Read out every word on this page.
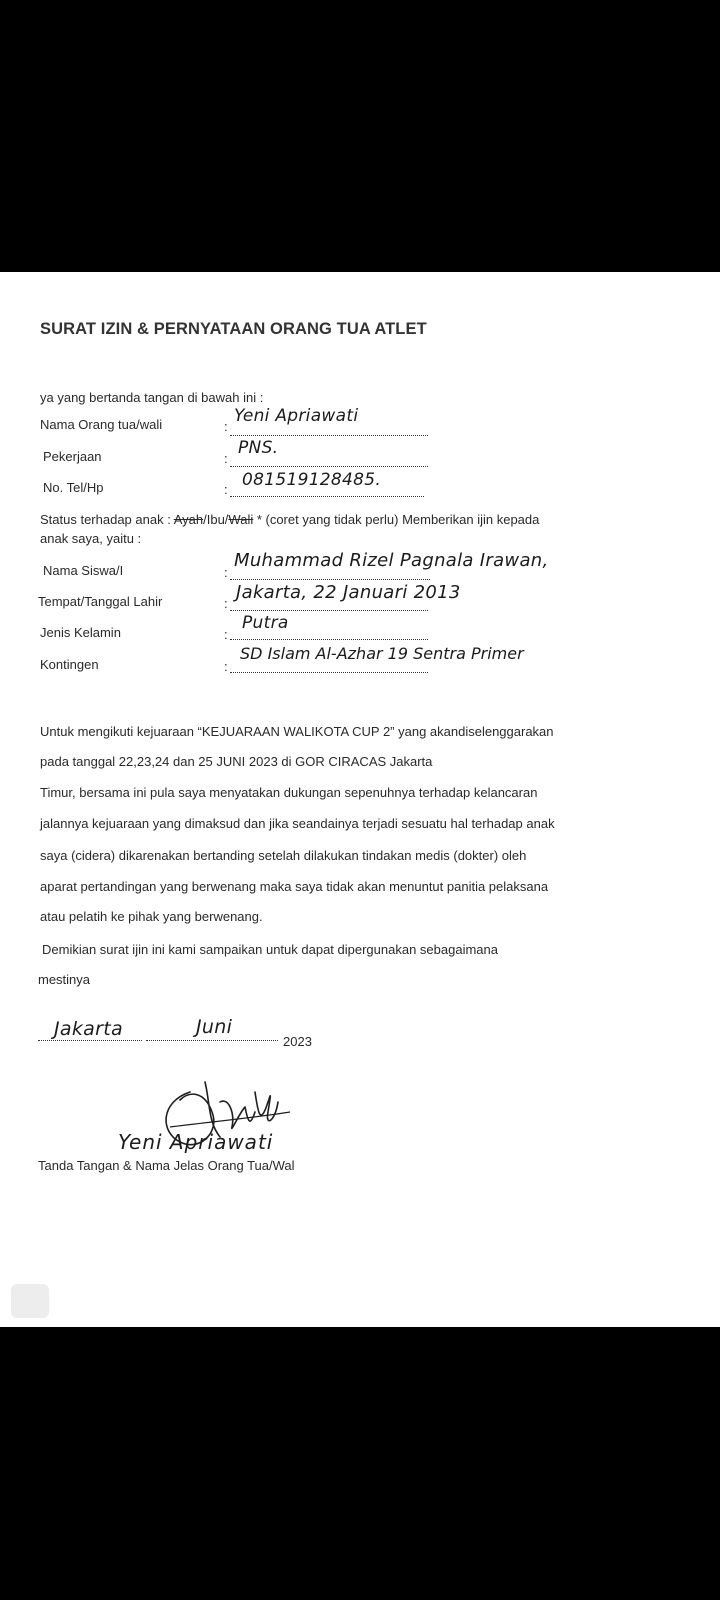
SURAT IZIN & PERNYATAAN ORANG TUA ATLET
ya yang bertanda tangan di bawah ini :
Nama Orang tua/wali	:
Yeni Apriawati
Pekerjaan	:
PNS.
No. Tel/Hp	: 081519128485.
Status terhadap anak : Ayah/Ibu/Wali * (coret yang tidak perlu) Memberikan ijin kepada
anak saya, yaitu :
Nama Siswa/I	:
Muhammad Rizel Pagnala Irawan,
Tempat/Tanggal Lahir	:
Jakarta, 22 Januari 2013
Jenis Kelamin	:
Putra
Kontingen	:
SD Islam Al-Azhar 19 Sentra Primer
Untuk mengikuti kejuaraan “KEJUARAAN WALIKOTA CUP 2” yang akandiselenggarakan
pada tanggal 22,23,24 dan 25 JUNI 2023 di GOR CIRACAS Jakarta
Timur, bersama ini pula saya menyatakan dukungan sepenuhnya terhadap kelancaran
jalannya kejuaraan yang dimaksud dan jika seandainya terjadi sesuatu hal terhadap anak
saya (cidera) dikarenakan bertanding setelah dilakukan tindakan medis (dokter) oleh
aparat pertandingan yang berwenang maka saya tidak akan menuntut panitia pelaksana
atau pelatih ke pihak yang berwenang.
Demikian surat ijin ini kami sampaikan untuk dapat dipergunakan sebagaimana
mestinya
Jakarta	Juni
2023
Yeni Apriawati
Tanda Tangan & Nama Jelas Orang Tua/Wal
